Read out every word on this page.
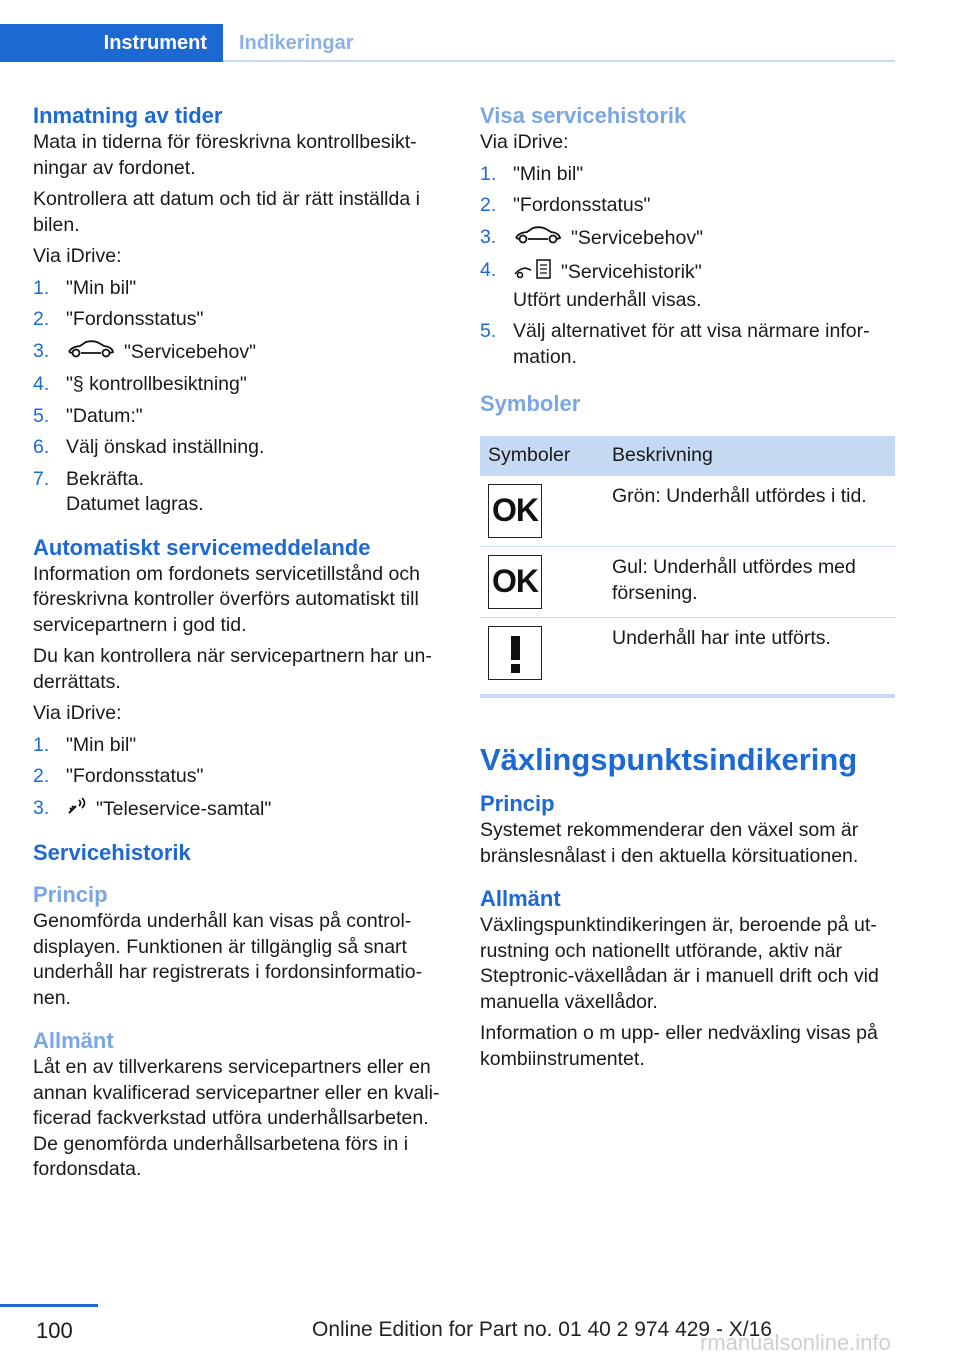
Instrument	Indikeringar
Inmatning av tider

Mata in tiderna för föreskrivna kontrollbesikt-ningar av fordonet.

Kontrollera att datum och tid är rätt inställda i bilen.

Via iDrive:

1. "Min bil"
2. "Fordonsstatus"
3.	"Servicebehov"
4. "§ kontrollbesiktning"
5. "Datum:"
6. Välj önskad inställning.
7. Bekräfta.
Datumet lagras.
Automatiskt servicemeddelande

Information om fordonets servicetillstånd och föreskrivna kontroller överförs automatiskt till servicepartnern i god tid.

Du kan kontrollera när servicepartnern har un-derrättats.

Via iDrive:

1. "Min bil"
2. "Fordonsstatus"
3. "Teleservice-samtal"
Servicehistorik
Princip

Genomförda underhåll kan visas på control-displayen. Funktionen är tillgänglig så snart underhåll har registrerats i fordonsinformatio-nen.

Allmänt

Låt en av tillverkarens servicepartners eller en annan kvalificerad servicepartner eller en kvali-ficerad fackverkstad utföra underhållsarbeten. De genomförda underhållsarbetena förs in i fordonsdata.

Visa servicehistorik

Via iDrive:

1. "Min bil"
2. "Fordonsstatus"
3.	"Servicebehov"
4.	"Servicehistorik"
Utfört underhåll visas.
5. Välj alternativet för att visa närmare infor-mation.
Symboler
Symboler	Beskrivning

OK	Grön: Underhåll utfördes i tid.

OK	Gul: Underhåll utfördes med försening.

	Underhåll har inte utförts.
Växlingspunktsindikering
Princip

Systemet rekommenderar den växel som är bränslesnålast i den aktuella körsituationen.

Allmänt

Växlingspunktindikeringen är, beroende på ut-rustning och nationellt utförande, aktiv när Steptronic-växellådan är i manuell drift och vid manuella växellådor.

Information o m upp- eller nedväxling visas på kombiinstrumentet.

100	Online Edition for Part no. 01 40 2 974 429 - X/16
rmanualsonline.info
